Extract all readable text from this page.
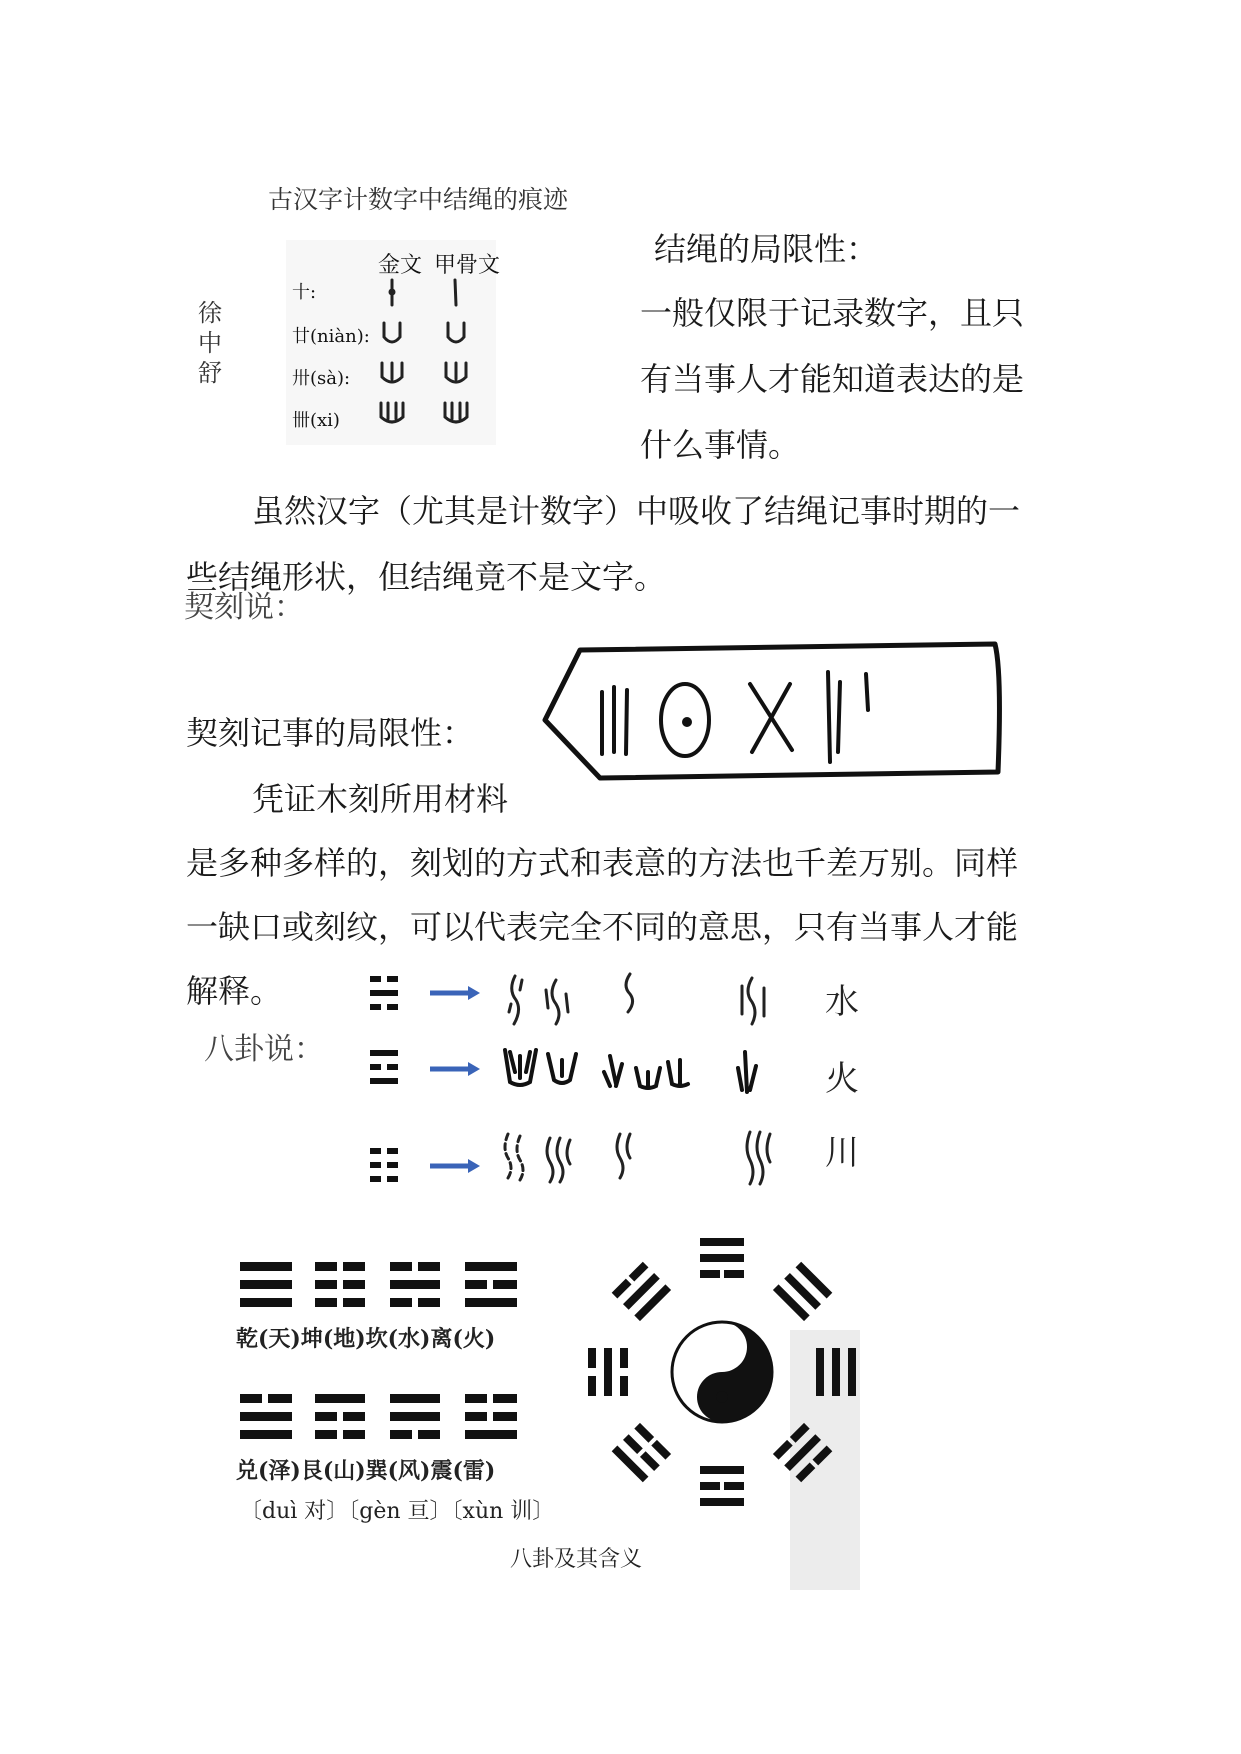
古汉字计数字中结绳的痕迹
徐中舒
金文 甲骨文
十:
廿(niàn):
卅(sà):
卌(xi)
结绳的局限性：
一般仅限于记录数字，且只
有当事人才能知道表达的是
什么事情。
虽然汉字（尤其是计数字）中吸收了结绳记事时期的一
些结绳形状，但结绳竟不是文字。
契刻说：
契刻记事的局限性：
凭证木刻所用材料
是多种多样的，刻划的方式和表意的方法也千差万别。同样
一缺口或刻纹，可以代表完全不同的意思，只有当事人才能
解释。
八卦说：
水
火
川
乾(天)坤(地)坎(水)离(火)
兑(泽)艮(山)巽(风)震(雷)
〔duì 对〕〔gèn 亘〕〔xùn 训〕
八卦及其含义
